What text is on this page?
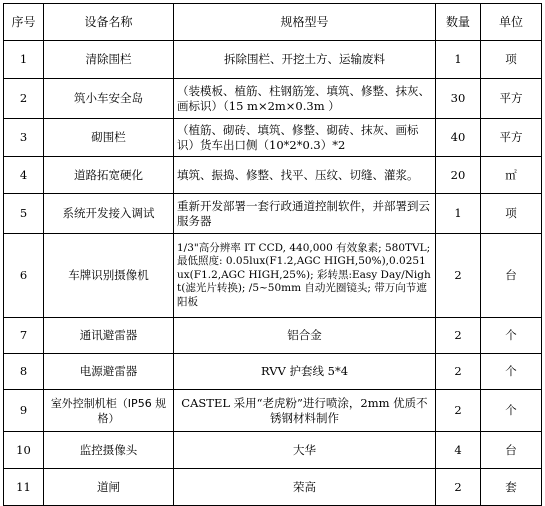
序号	设备名称	规格型号	数量	单位
1	清除围栏	拆除围栏、开挖土方、运输废料	1	项
2	筑小车安全岛	（装模板、植筋、柱钢筋笼、填筑、修整、抹灰、画标识）（15 m×2m×0.3m ）	30	平方
3	砌围栏	（植筋、砌砖、填筑、修整、砌砖、抹灰、画标识）货车出口侧（10*2*0.3）*2	40	平方
4	道路拓宽硬化	填筑、振捣、修整、找平、压纹、切缝、灌浆。	20	㎡
5	系统开发接入调试	重新开发部署一套行政通道控制软件，并部署到云服务器	1	项
6	车牌识别摄像机	1/3"高分辨率 IT CCD, 440,000 有效象素; 580TVL; 最低照度: 0.05lux(F1.2,AGC HIGH,50%),0.0251ux(F1.2,AGC HIGH,25%); 彩转黑:Easy Day/Night(滤光片转换); /5~50mm 自动光圈镜头; 带万向节遮阳板	2	台
7	通讯避雷器	铝合金	2	个
8	电源避雷器	RVV 护套线 5*4	2	个
9	室外控制机柜（IP56 规格）	CASTEL 采用“老虎粉”进行喷涂，2mm 优质不锈钢材料制作	2	个
10	监控摄像头	大华	4	台
11	道闸	荣高	2	套
